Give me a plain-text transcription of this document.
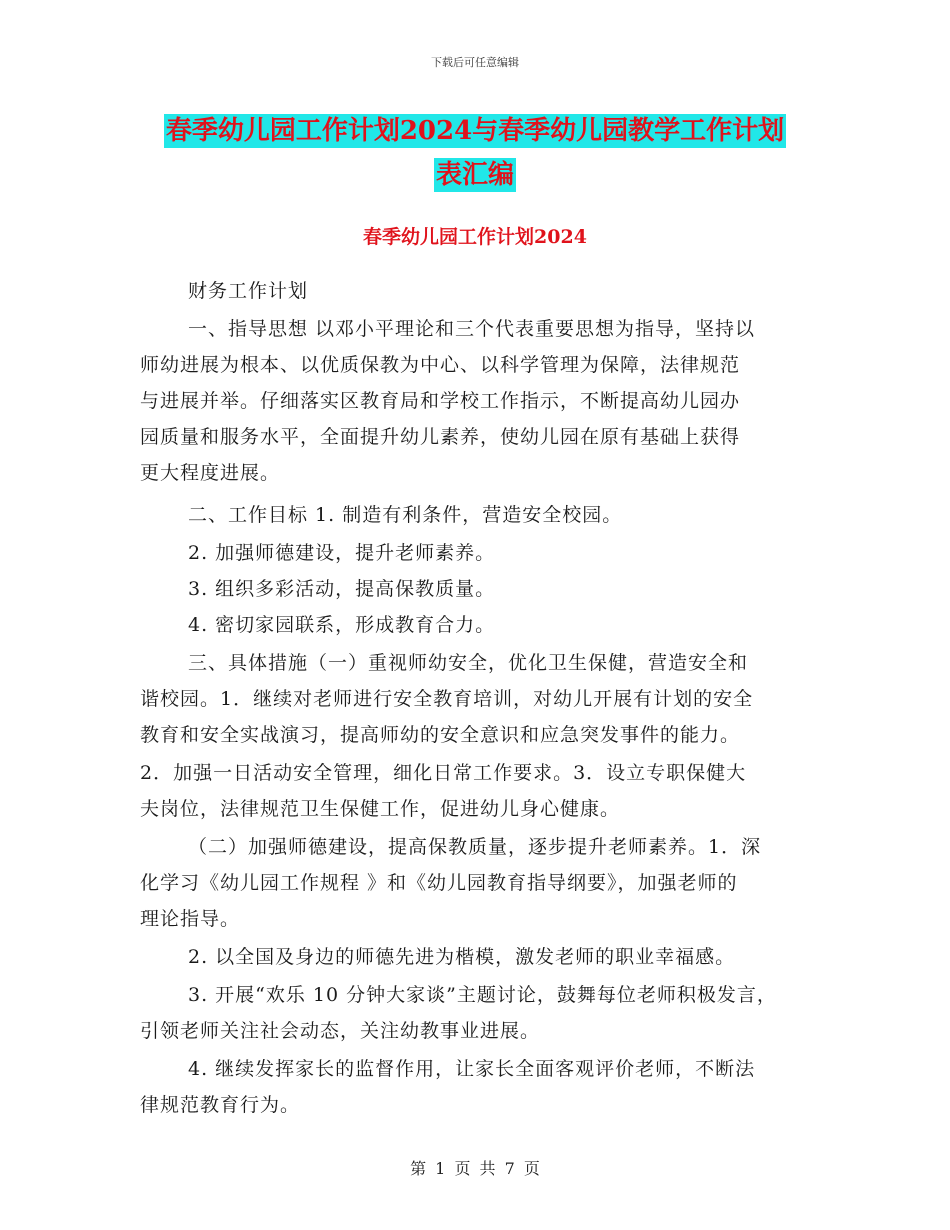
下载后可任意编辑
春季幼儿园工作计划2024与春季幼儿园教学工作计划
表汇编
春季幼儿园工作计划2024
财务工作计划
一、指导思想 以邓小平理论和三个代表重要思想为指导，坚持以
师幼进展为根本、以优质保教为中心、以科学管理为保障，法律规范
与进展并举。仔细落实区教育局和学校工作指示，不断提高幼儿园办
园质量和服务水平，全面提升幼儿素养，使幼儿园在原有基础上获得
更大程度进展。
二、工作目标 1. 制造有利条件，营造安全校园。
2. 加强师德建设，提升老师素养。
3. 组织多彩活动，提高保教质量。
4. 密切家园联系，形成教育合力。
三、具体措施（一）重视师幼安全，优化卫生保健，营造安全和
谐校园。1．继续对老师进行安全教育培训，对幼儿开展有计划的安全
教育和安全实战演习，提高师幼的安全意识和应急突发事件的能力。
2．加强一日活动安全管理，细化日常工作要求。3．设立专职保健大
夫岗位，法律规范卫生保健工作，促进幼儿身心健康。
（二）加强师德建设，提高保教质量，逐步提升老师素养。1．深
化学习《幼儿园工作规程 》和《幼儿园教育指导纲要》，加强老师的
理论指导。
2. 以全国及身边的师德先进为楷模，激发老师的职业幸福感。
3. 开展“欢乐 10 分钟大家谈”主题讨论，鼓舞每位老师积极发言，
引领老师关注社会动态，关注幼教事业进展。
4. 继续发挥家长的监督作用，让家长全面客观评价老师，不断法
律规范教育行为。
第 1 页 共 7 页
